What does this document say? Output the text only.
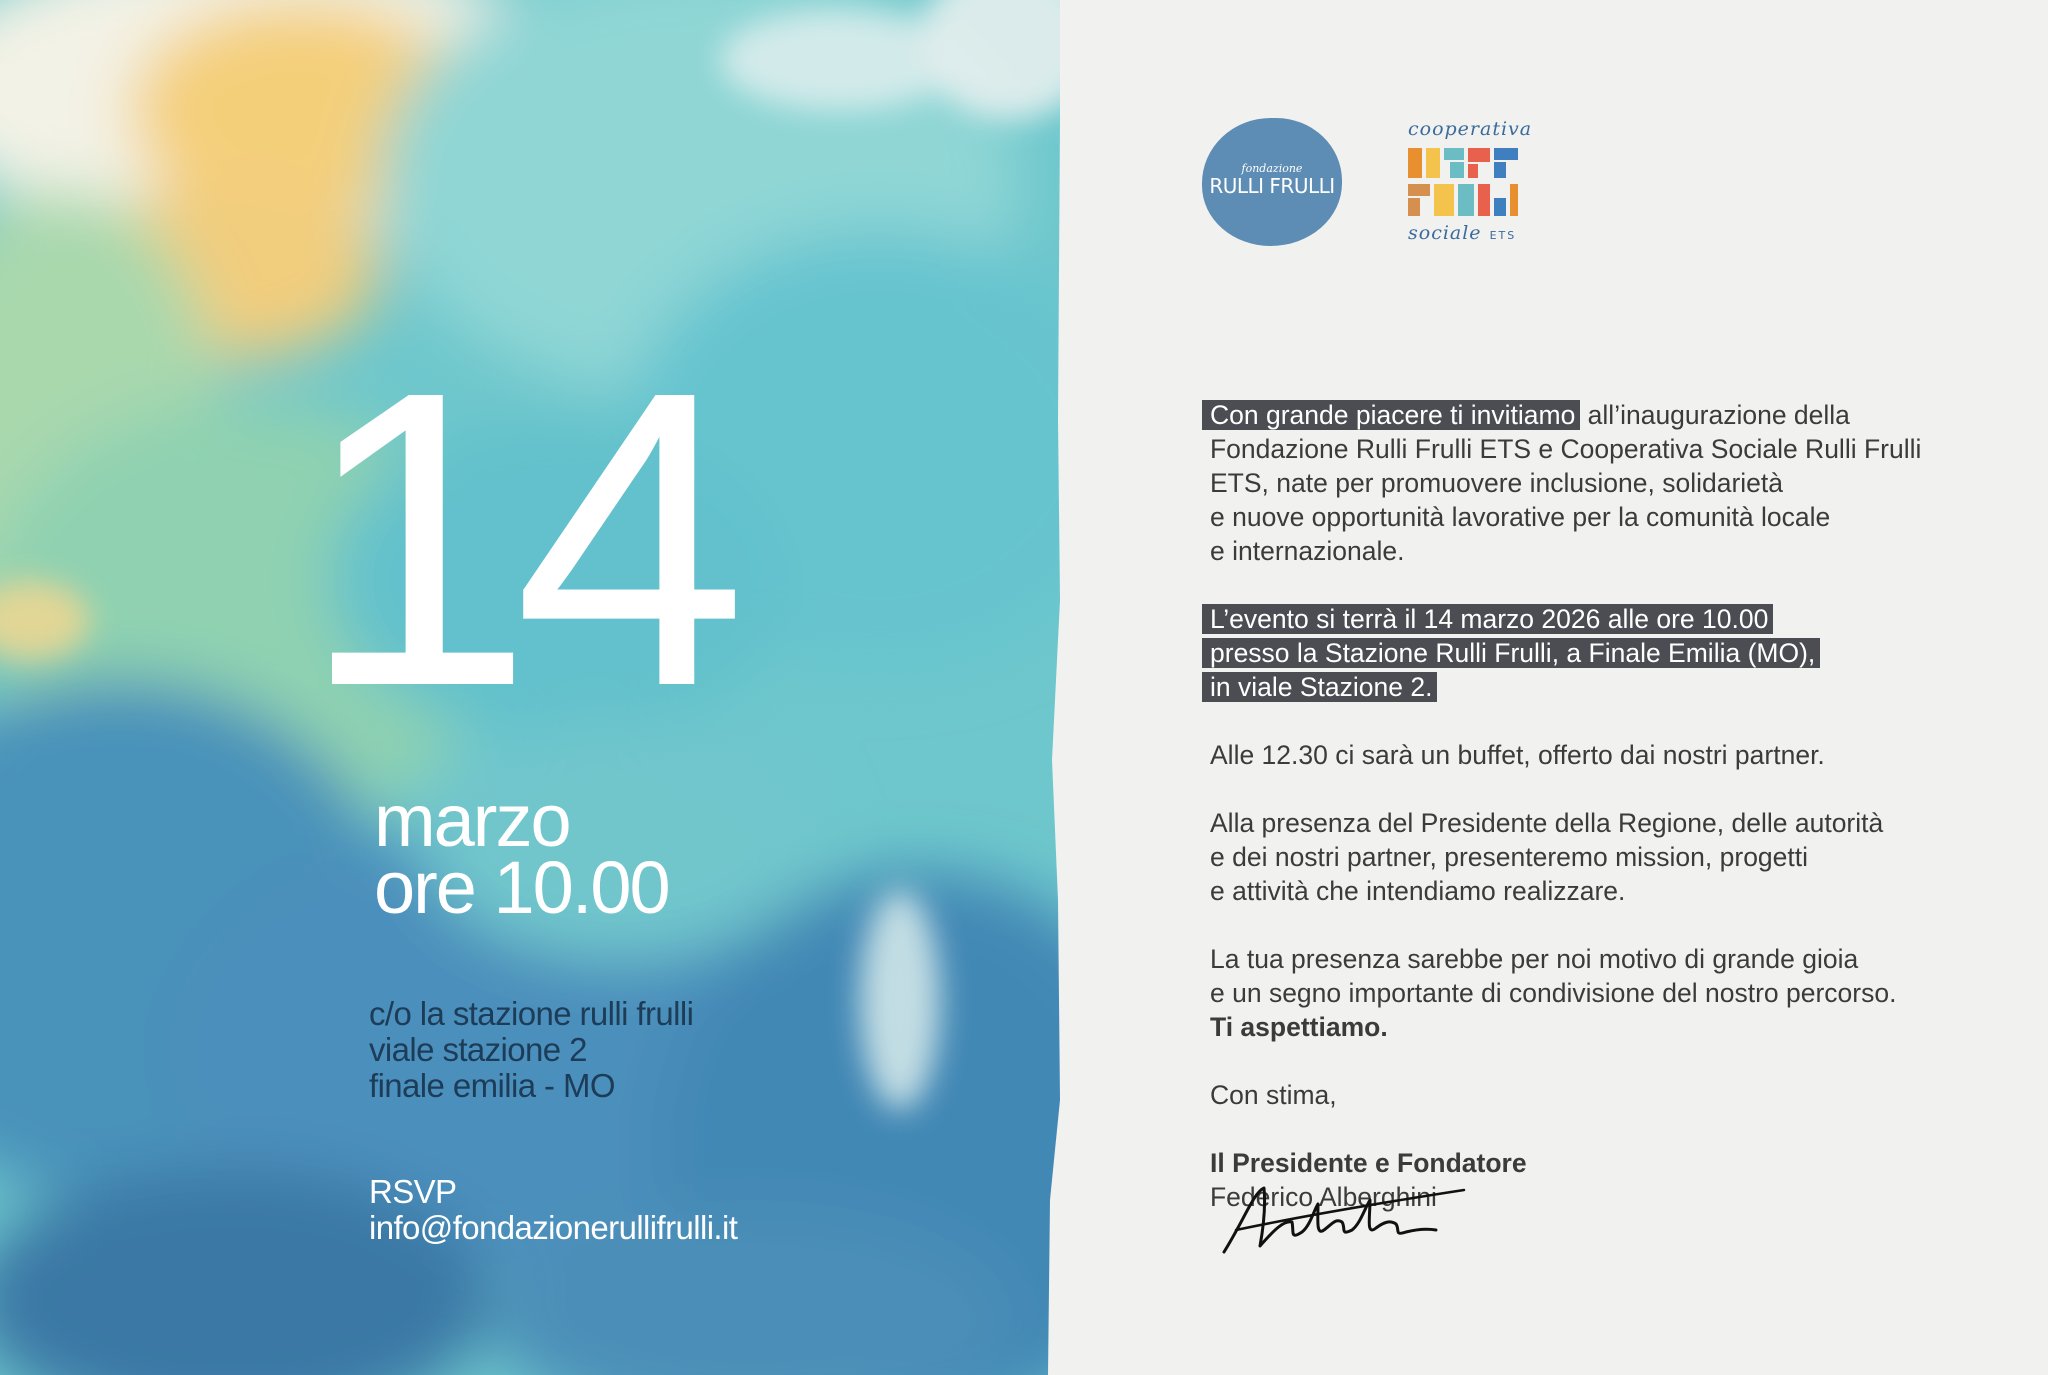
14
marzo
ore 10.00
c/o la stazione rulli frulli
viale stazione 2
finale emilia - MO
RSVP
info@fondazionerullifrulli.it
fondazione
RULLI FRULLI
cooperativa
sociale ETS
Con grande piacere ti invitiamo all’inaugurazione della
Fondazione Rulli Frulli ETS e Cooperativa Sociale Rulli Frulli
ETS, nate per promuovere inclusione, solidarietà
e nuove opportunità lavorative per la comunità locale
e internazionale.
L’evento si terrà il 14 marzo 2026 alle ore 10.00
presso la Stazione Rulli Frulli, a Finale Emilia (MO),
in viale Stazione 2.
Alle 12.30 ci sarà un buffet, offerto dai nostri partner.
Alla presenza del Presidente della Regione, delle autorità
e dei nostri partner, presenteremo mission, progetti
e attività che intendiamo realizzare.
La tua presenza sarebbe per noi motivo di grande gioia
e un segno importante di condivisione del nostro percorso.
Ti aspettiamo.
Con stima,
Il Presidente e Fondatore
Federico Alberghini
